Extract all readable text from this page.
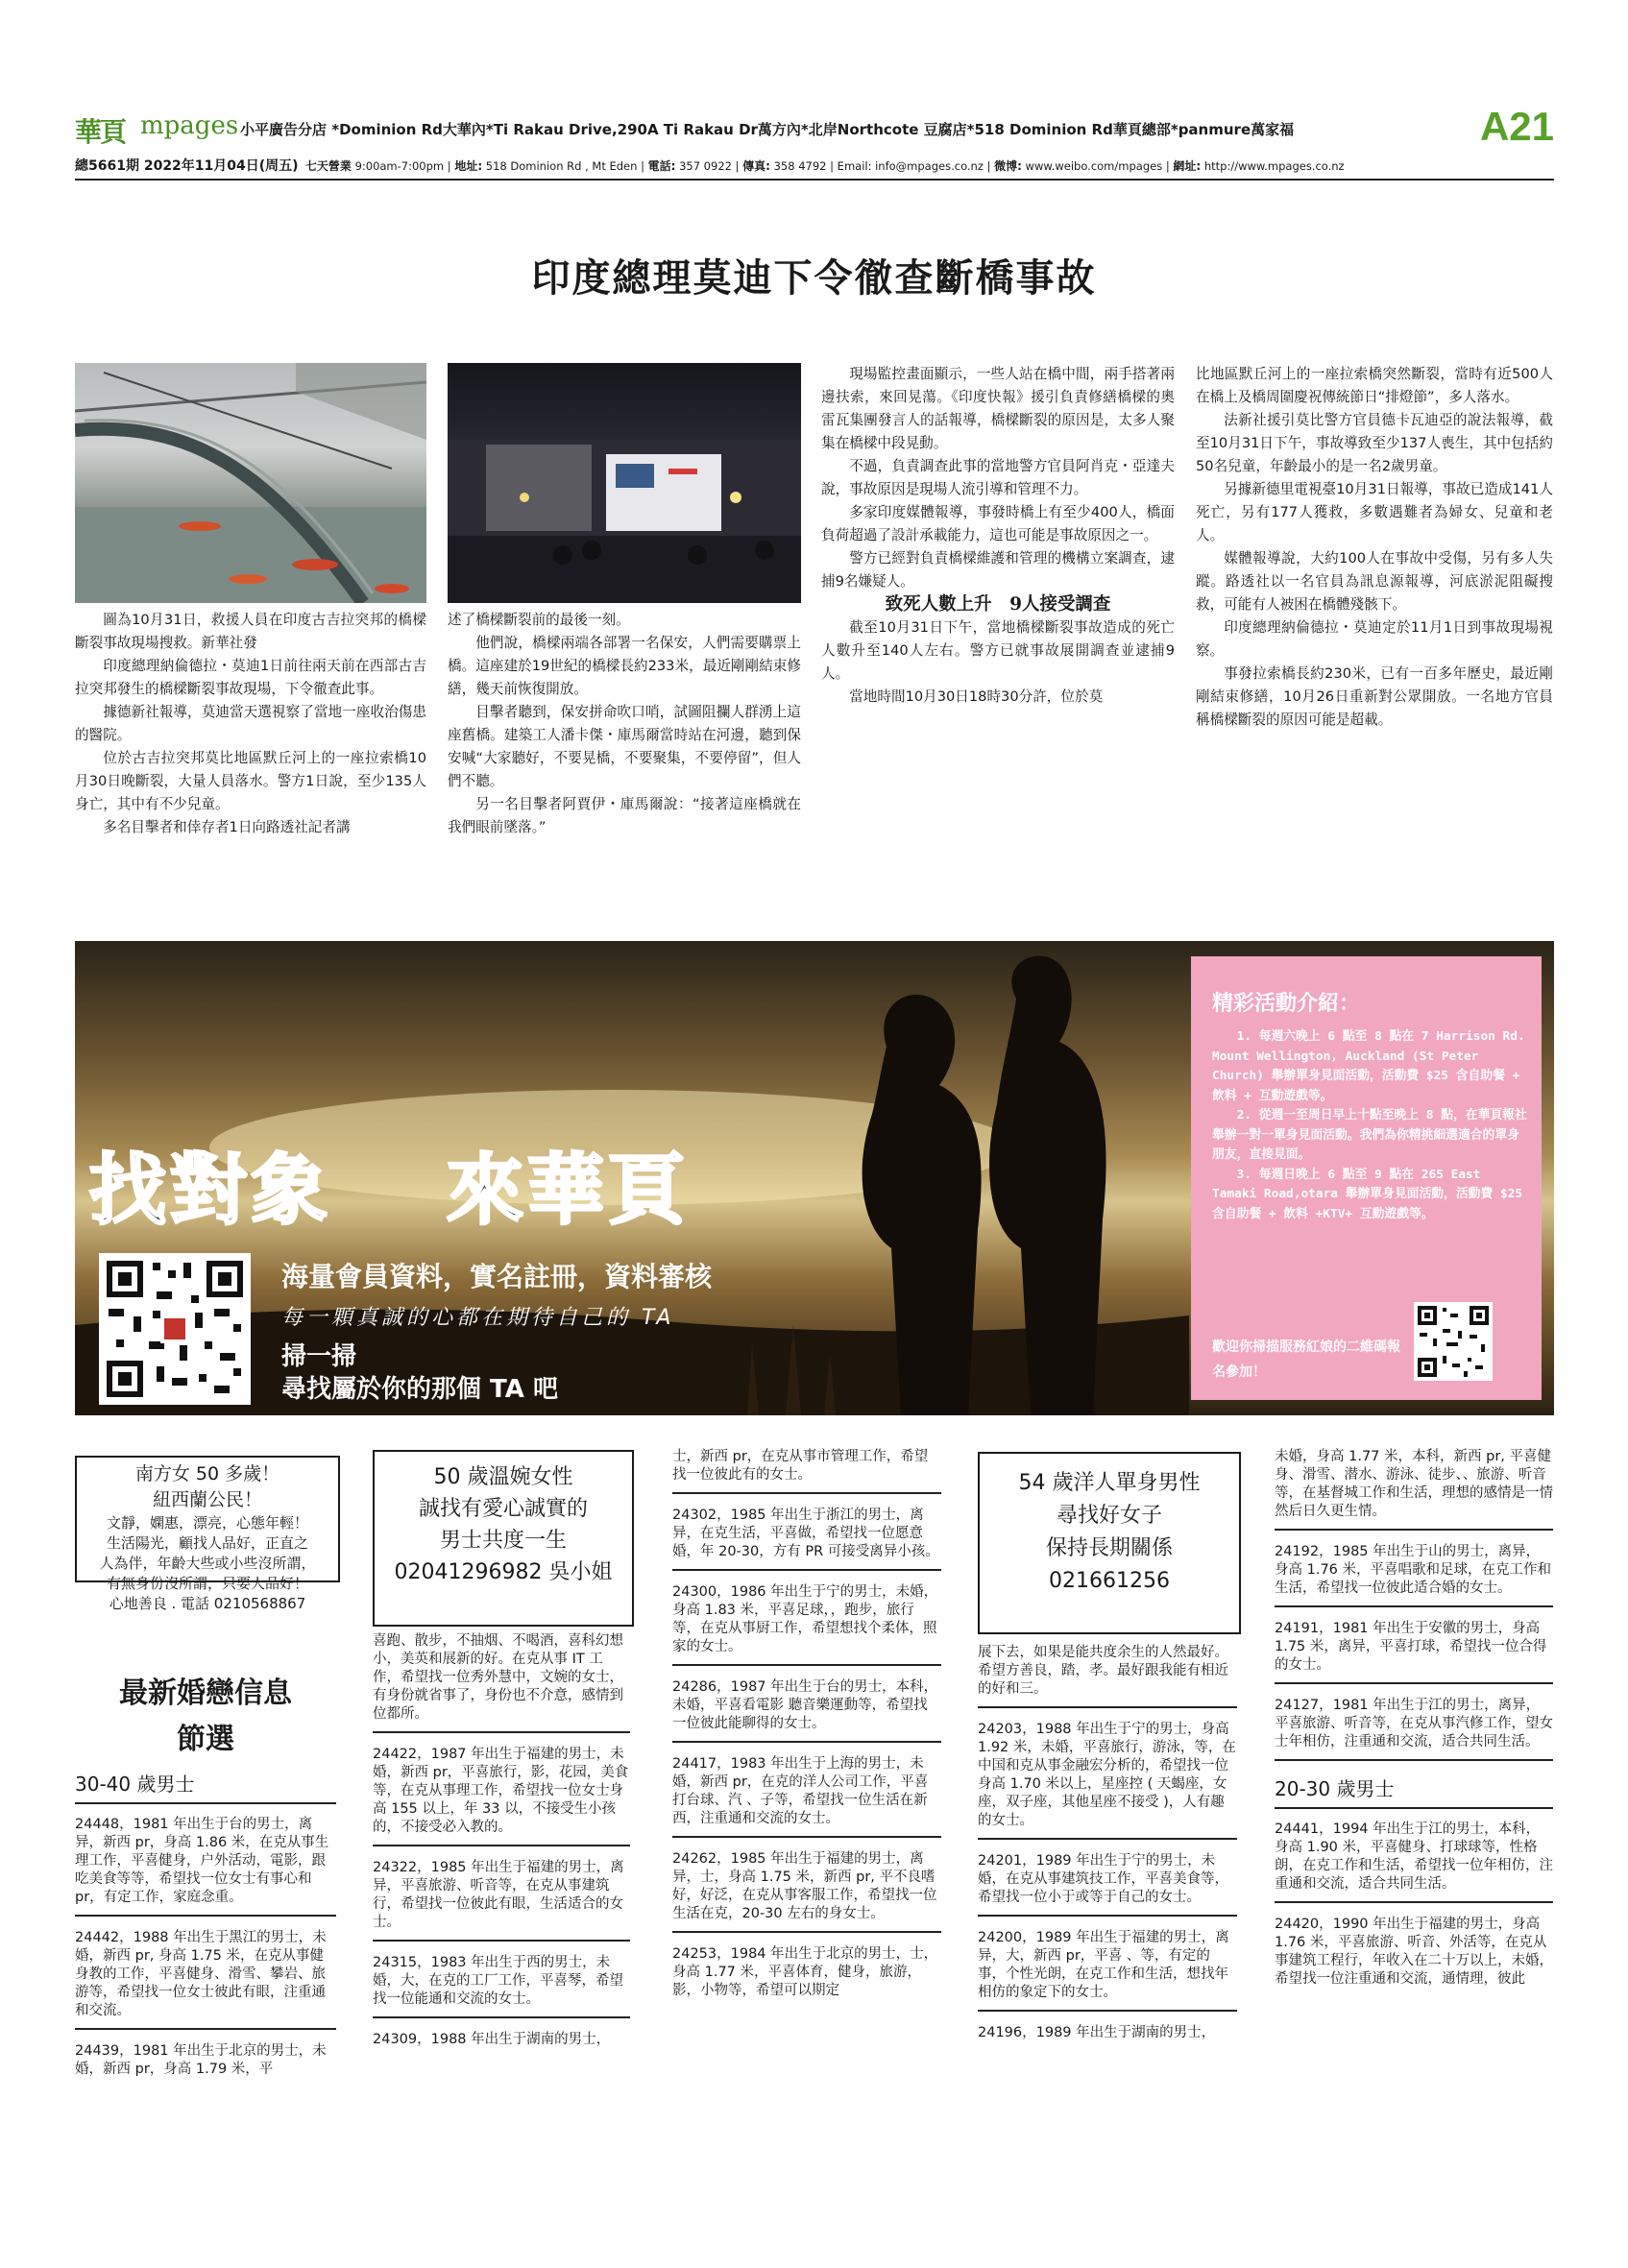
華頁 mpages 小平廣告分店 *Dominion Rd大華內*Ti Rakau Drive,290A Ti Rakau Dr萬方內*北岸Northcote 豆腐店*518 Dominion Rd華頁總部*panmure萬家福	A21
總5661期 2022年11月04日(周五) 七天營業 9:00am-7:00pm | 地址: 518 Dominion Rd , Mt Eden | 電話: 357 0922 | 傳真: 358 4792 | Email: info@mpages.co.nz | 微博: www.weibo.com/mpages | 網址: http://www.mpages.co.nz
印度總理莫迪下令徹查斷橋事故

圖為10月31日，救援人員在印度古吉拉突邦的橋樑斷裂事故現場搜救。新華社發

印度總理納倫德拉・莫迪1日前往兩天前在西部古吉拉突邦發生的橋樑斷裂事故現場，下令徹查此事。

據德新社報導，莫迪當天選視察了當地一座收治傷患的醫院。

位於古吉拉突邦莫比地區默丘河上的一座拉索橋10月30日晚斷裂，大量人員落水。警方1日說，至少135人身亡，其中有不少兒童。

多名目擊者和倖存者1日向路透社記者講

述了橋樑斷裂前的最後一刻。

他們說，橋樑兩端各部署一名保安，人們需要購票上橋。這座建於19世紀的橋樑長約233米，最近剛剛結束修繕，幾天前恢復開放。

目擊者聽到，保安拼命吹口哨，試圖阻攔人群湧上這座舊橋。建築工人潘卡傑・庫馬爾當時站在河邊，聽到保安喊“大家聽好，不要晃橋，不要聚集，不要停留”，但人們不聽。

另一名目擊者阿賈伊・庫馬爾說：“接著這座橋就在我們眼前墜落。”

現場監控畫面顯示，一些人站在橋中間，兩手搭著兩邊扶索，來回晃蕩。《印度快報》援引負責修繕橋樑的奧雷瓦集團發言人的話報導，橋樑斷裂的原因是，太多人聚集在橋樑中段晃動。

不過，負責調查此事的當地警方官員阿肖克・亞達夫說，事故原因是現場人流引導和管理不力。

多家印度媒體報導，事發時橋上有至少400人，橋面負荷超過了設計承載能力，這也可能是事故原因之一。

警方已經對負責橋樑維護和管理的機構立案調查，逮捕9名嫌疑人。

致死人數上升　9人接受調查

截至10月31日下午，當地橋樑斷裂事故造成的死亡人數升至140人左右。警方已就事故展開調查並逮捕9人。

當地時間10月30日18時30分許，位於莫

比地區默丘河上的一座拉索橋突然斷裂，當時有近500人在橋上及橋周圍慶祝傳統節日“排燈節”，多人落水。

法新社援引莫比警方官員德卡瓦迪亞的說法報導，截至10月31日下午，事故導致至少137人喪生，其中包括約50名兒童，年齡最小的是一名2歲男童。

另據新德里電視臺10月31日報導，事故已造成141人死亡，另有177人獲救，多數遇難者為婦女、兒童和老人。

媒體報導說，大約100人在事故中受傷，另有多人失蹤。路透社以一名官員為訊息源報導，河底淤泥阻礙搜救，可能有人被困在橋體殘骸下。

印度總理納倫德拉・莫迪定於11月1日到事故現場視察。

事發拉索橋長約230米，已有一百多年歷史，最近剛剛結束修繕，10月26日重新對公眾開放。一名地方官員稱橋樑斷裂的原因可能是超載。

找對象 來華頁
海量會員資料，實名註冊，資料審核
每一顆真誠的心都在期待自己的 TA
掃一掃
尋找屬於你的那個 TA 吧
精彩活動介紹：

1. 每週六晚上 6 點至 8 點在 7 Harrison Rd. Mount Wellington, Auckland (St Peter Church) 舉辦單身見面活動，活動費 $25 含自助餐 + 飲料 + 互動遊戲等。

2. 從週一至周日早上十點至晚上 8 點，在華頁報社舉辦一對一單身見面活動。我們為你精挑細選適合的單身朋友，直接見面。

3. 每週日晚上 6 點至 9 點在 265 East Tamaki Road,otara 舉辦單身見面活動，活動費 $25 含自助餐 + 飲料 +KTV+ 互動遊戲等。

歡迎你掃描服務紅娘的二維碼報名參加！
南方女 50 多歲！
紐西蘭公民！
文靜，嫻惠，漂亮，心態年輕！
生活陽光，顧找人品好，正直之
人為伴，年齡大些或小些沒所謂，
有無身份沒所謂，只要人品好！
心地善良 . 電話 0210568867
50 歲溫婉女性
誠找有愛心誠實的
男士共度一生
02041296982 吳小姐
54 歲洋人單身男性
尋找好女子
保持長期關係
021661256
最新婚戀信息
節選
30-40 歲男士
24448，1981 年出生于台的男士，离异，新西 pr，身高 1.86 米，在克从事生理工作，平喜健身，户外活动，電影，跟吃美食等等，希望找一位女士有事心和 pr，有定工作，家庭念重。
24442，1988 年出生于黑江的男士，未婚，新西 pr, 身高 1.75 米，在克从事健身教的工作，平喜健身、滑雪、攀岩、旅游等，希望找一位女士彼此有眼，注重通和交流。
24439，1981 年出生于北京的男士，未婚，新西 pr，身高 1.79 米，平
喜跑、散步，不抽烟、不喝酒，喜科幻想小，美英和展新的好。在克从事 IT 工作，希望找一位秀外慧中，文婉的女士，有身份就省事了，身份也不介意，感情到位都所。
24422，1987 年出生于福建的男士，未婚，新西 pr，平喜旅行，影，花园，美食等，在克从事理工作，希望找一位女士身高 155 以上，年 33 以，不接受生小孩的，不接受必入教的。
24322，1985 年出生于福建的男士，离异，平喜旅游、听音等，在克从事建筑行，希望找一位彼此有眼，生活适合的女士。
24315，1983 年出生于西的男士，未婚，大，在克的工厂工作，平喜琴，希望找一位能通和交流的女士。
24309，1988 年出生于湖南的男士，
士，新西 pr，在克从事市管理工作，希望找一位彼此有的女士。
24302，1985 年出生于浙江的男士，离异，在克生活，平喜做，希望找一位愿意婚，年 20-30，方有 PR 可接受离异小孩。
24300，1986 年出生于宁的男士，未婚，身高 1.83 米，平喜足球，，跑步，旅行等，在克从事厨工作，希望想找个柔体，照家的女士。
24286，1987 年出生于台的男士，本科，未婚，平喜看電影 聽音樂運動等，希望找一位彼此能聊得的女士。
24417，1983 年出生于上海的男士，未婚，新西 pr，在克的洋人公司工作，平喜打台球、汽 、子等，希望找一位生活在新西，注重通和交流的女士。
24262，1985 年出生于福建的男士，离异，士，身高 1.75 米，新西 pr, 平不良嗜好，好泛，在克从事客服工作，希望找一位生活在克，20-30 左右的身女士。
24253，1984 年出生于北京的男士，士，身高 1.77 米，平喜体育，健身，旅游，影，小物等，希望可以期定
展下去，如果是能共度余生的人然最好。希望方善良，踏，孝。最好跟我能有相近的好和三。
24203，1988 年出生于宁的男士，身高 1.92 米，未婚，平喜旅行，游泳，等，在中国和克从事金融宏分析的，希望找一位身高 1.70 米以上，星座控 ( 天蝎座，女座，双子座，其他星座不接受 )，人有趣的女士。
24201，1989 年出生于宁的男士，未婚，在克从事建筑技工作，平喜美食等，希望找一位小于或等于自己的女士。
24200，1989 年出生于福建的男士，离异，大，新西 pr，平喜 、等，有定的事，个性光朗，在克工作和生活，想找年相仿的象定下的女士。
24196，1989 年出生于湖南的男士，
未婚，身高 1.77 米，本科，新西 pr, 平喜健身、滑雪、潜水、游泳、徒步、、旅游、听音等，在基督城工作和生活，理想的感情是一情然后日久更生情。
24192，1985 年出生于山的男士，离异，身高 1.76 米，平喜唱歌和足球，在克工作和生活，希望找一位彼此适合婚的女士。
24191，1981 年出生于安徽的男士，身高 1.75 米，离异，平喜打球，希望找一位合得的女士。
24127，1981 年出生于江的男士，离异，平喜旅游、听音等，在克从事汽修工作，望女士年相仿，注重通和交流，适合共同生活。
20-30 歲男士
24441，1994 年出生于江的男士，本科，身高 1.90 米，平喜健身、打球球等，性格朗，在克工作和生活，希望找一位年相仿，注重通和交流，适合共同生活。
24420，1990 年出生于福建的男士，身高 1.76 米，平喜旅游、听音、外活等，在克从事建筑工程行，年收入在二十万以上，未婚，希望找一位注重通和交流，通情理，彼此
